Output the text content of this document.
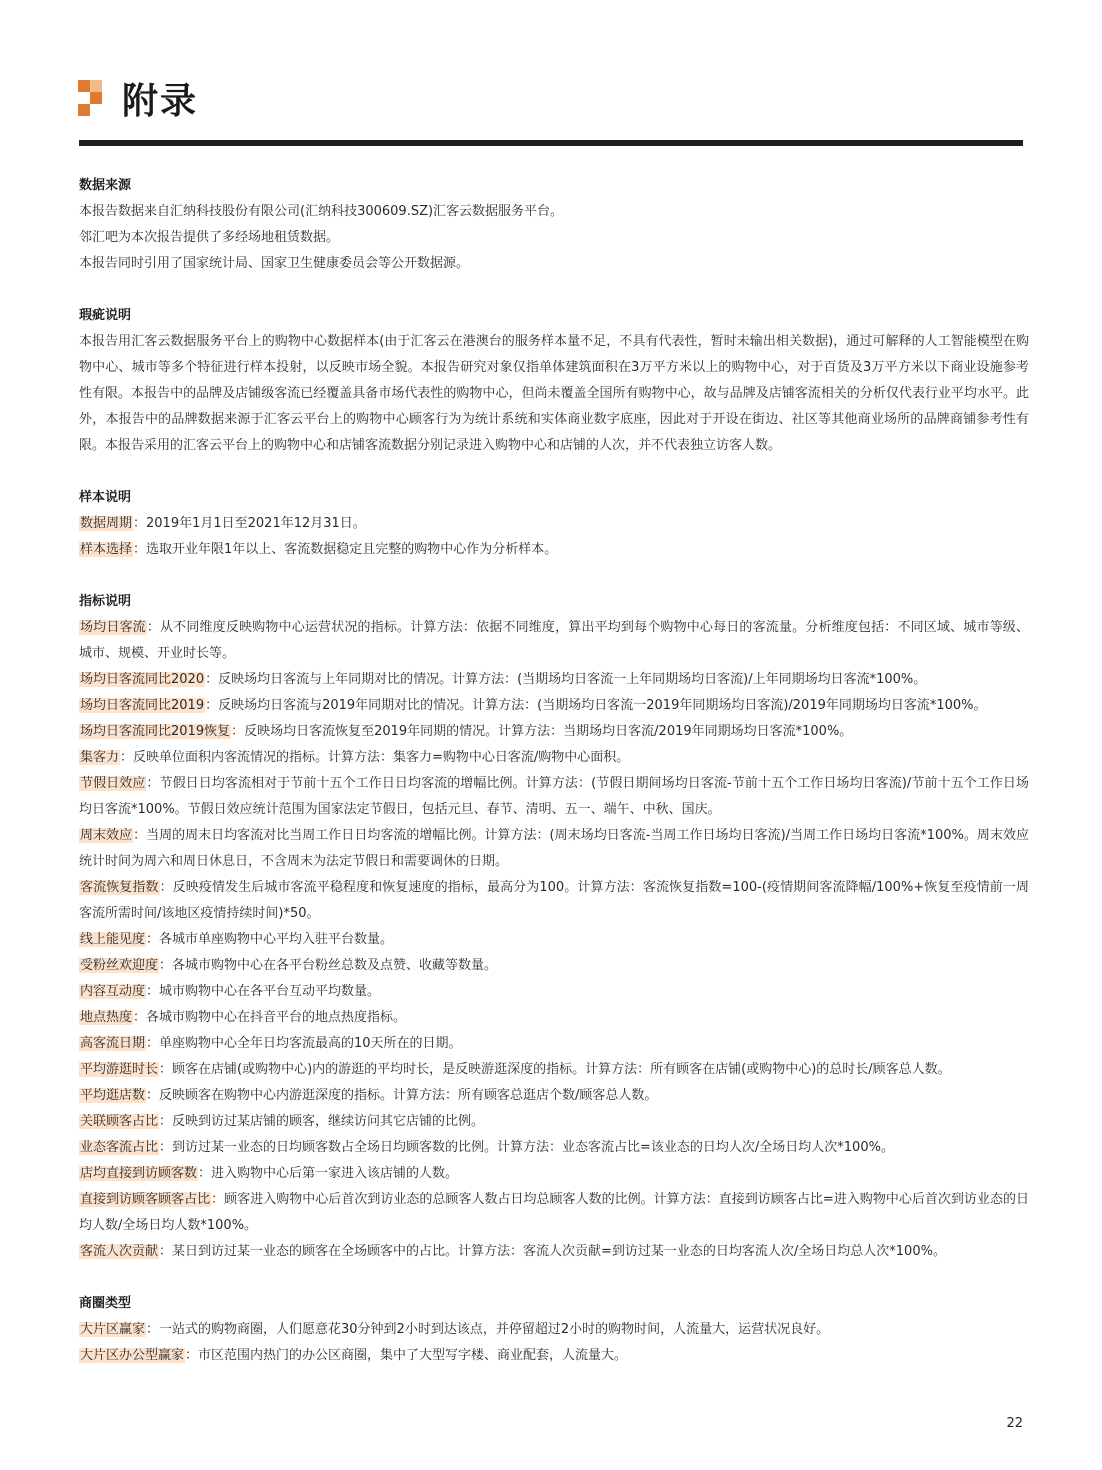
附录
数据来源

本报告数据来自汇纳科技股份有限公司(汇纳科技300609.SZ)汇客云数据服务平台。

邻汇吧为本次报告提供了多经场地租赁数据。

本报告同时引用了国家统计局、国家卫生健康委员会等公开数据源。

瑕疵说明

本报告用汇客云数据服务平台上的购物中心数据样本(由于汇客云在港澳台的服务样本量不足，不具有代表性，暂时未输出相关数据)，通过可解释的人工智能模型在购物中心、城市等多个特征进行样本投射，以反映市场全貌。本报告研究对象仅指单体建筑面积在3万平方米以上的购物中心，对于百货及3万平方米以下商业设施参考性有限。本报告中的品牌及店铺级客流已经覆盖具备市场代表性的购物中心，但尚未覆盖全国所有购物中心，故与品牌及店铺客流相关的分析仅代表行业平均水平。此外，本报告中的品牌数据来源于汇客云平台上的购物中心顾客行为为统计系统和实体商业数字底座，因此对于开设在街边、社区等其他商业场所的品牌商铺参考性有限。本报告采用的汇客云平台上的购物中心和店铺客流数据分别记录进入购物中心和店铺的人次，并不代表独立访客人数。

样本说明

数据周期：2019年1月1日至2021年12月31日。

样本选择：选取开业年限1年以上、客流数据稳定且完整的购物中心作为分析样本。

指标说明

场均日客流：从不同维度反映购物中心运营状况的指标。计算方法：依据不同维度，算出平均到每个购物中心每日的客流量。分析维度包括：不同区域、城市等级、城市、规模、开业时长等。

场均日客流同比2020：反映场均日客流与上年同期对比的情况。计算方法：(当期场均日客流一上年同期场均日客流)/上年同期场均日客流*100%。

场均日客流同比2019：反映场均日客流与2019年同期对比的情况。计算方法：(当期场均日客流一2019年同期场均日客流)/2019年同期场均日客流*100%。

场均日客流同比2019恢复：反映场均日客流恢复至2019年同期的情况。计算方法：当期场均日客流/2019年同期场均日客流*100%。

集客力：反映单位面积内客流情况的指标。计算方法：集客力=购物中心日客流/购物中心面积。

节假日效应：节假日日均客流相对于节前十五个工作日日均客流的增幅比例。计算方法：(节假日期间场均日客流-节前十五个工作日场均日客流)/节前十五个工作日场均日客流*100%。节假日效应统计范围为国家法定节假日，包括元旦、春节、清明、五一、端午、中秋、国庆。

周末效应：当周的周末日均客流对比当周工作日日均客流的增幅比例。计算方法：(周末场均日客流-当周工作日场均日客流)/当周工作日场均日客流*100%。周末效应统计时间为周六和周日休息日，不含周末为法定节假日和需要调休的日期。

客流恢复指数：反映疫情发生后城市客流平稳程度和恢复速度的指标，最高分为100。计算方法：客流恢复指数=100-(疫情期间客流降幅/100%+恢复至疫情前一周客流所需时间/该地区疫情持续时间)*50。

线上能见度：各城市单座购物中心平均入驻平台数量。

受粉丝欢迎度：各城市购物中心在各平台粉丝总数及点赞、收藏等数量。

内容互动度：城市购物中心在各平台互动平均数量。

地点热度：各城市购物中心在抖音平台的地点热度指标。

高客流日期：单座购物中心全年日均客流最高的10天所在的日期。

平均游逛时长：顾客在店铺(或购物中心)内的游逛的平均时长，是反映游逛深度的指标。计算方法：所有顾客在店铺(或购物中心)的总时长/顾客总人数。

平均逛店数：反映顾客在购物中心内游逛深度的指标。计算方法：所有顾客总逛店个数/顾客总人数。

关联顾客占比：反映到访过某店铺的顾客，继续访问其它店铺的比例。

业态客流占比：到访过某一业态的日均顾客数占全场日均顾客数的比例。计算方法：业态客流占比=该业态的日均人次/全场日均人次*100%。

店均直接到访顾客数：进入购物中心后第一家进入该店铺的人数。

直接到访顾客顾客占比：顾客进入购物中心后首次到访业态的总顾客人数占日均总顾客人数的比例。计算方法：直接到访顾客占比=进入购物中心后首次到访业态的日均人数/全场日均人数*100%。

客流人次贡献：某日到访过某一业态的顾客在全场顾客中的占比。计算方法：客流人次贡献=到访过某一业态的日均客流人次/全场日均总人次*100%。

商圈类型

大片区赢家：一站式的购物商圈，人们愿意花30分钟到2小时到达该点，并停留超过2小时的购物时间，人流量大，运营状况良好。

大片区办公型赢家：市区范围内热门的办公区商圈，集中了大型写字楼、商业配套，人流量大。

22
